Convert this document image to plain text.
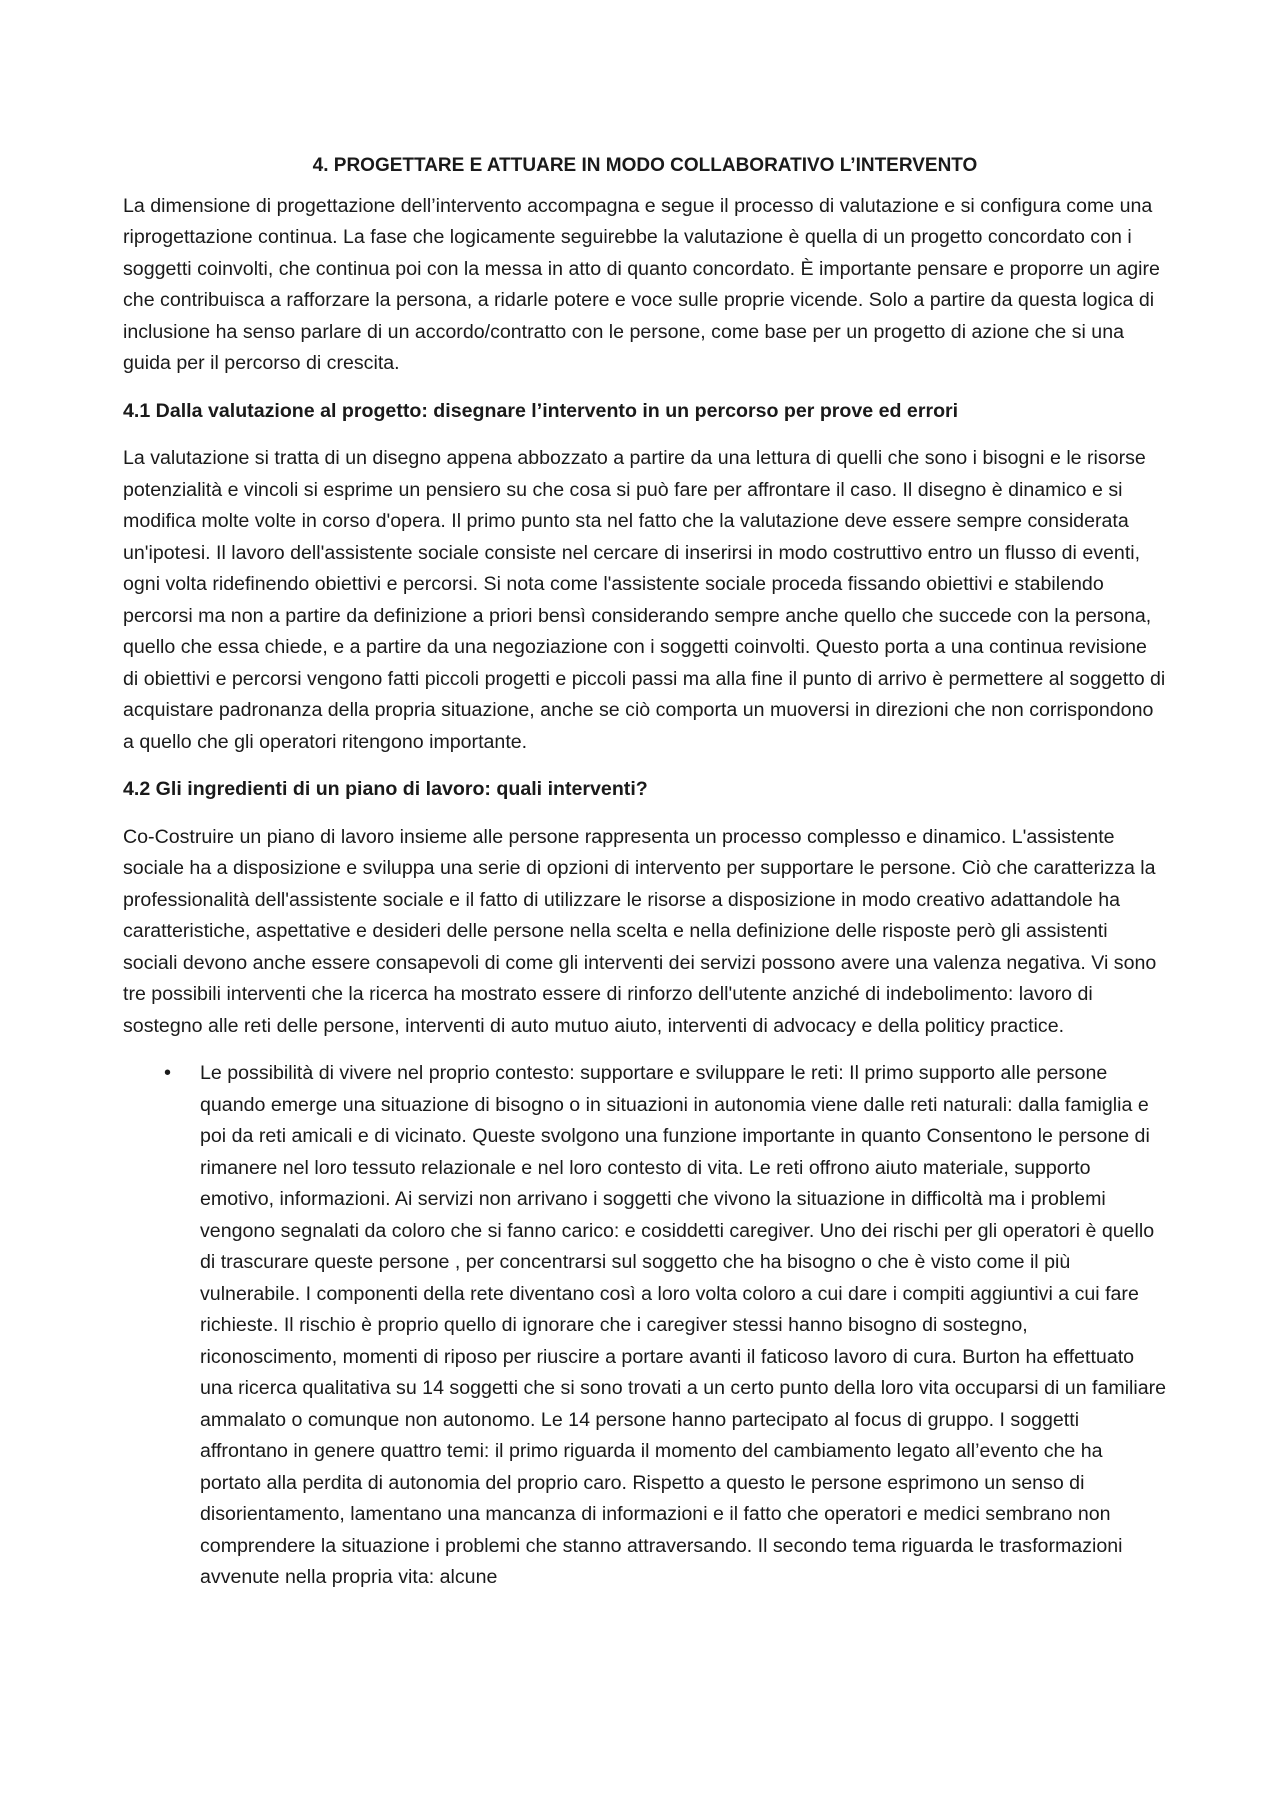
4. PROGETTARE E ATTUARE IN MODO COLLABORATIVO L’INTERVENTO

La dimensione di progettazione dell’intervento accompagna e segue il processo di valutazione e si configura come una riprogettazione continua. La fase che logicamente seguirebbe la valutazione è quella di un progetto concordato con i soggetti coinvolti, che continua poi con la messa in atto di quanto concordato. È importante pensare e proporre un agire che contribuisca a rafforzare la persona, a ridarle potere e voce sulle proprie vicende. Solo a partire da questa logica di inclusione ha senso parlare di un accordo/contratto con le persone, come base per un progetto di azione che si una guida per il percorso di crescita.

4.1 Dalla valutazione al progetto: disegnare l’intervento in un percorso per prove ed errori

La valutazione si tratta di un disegno appena abbozzato a partire da una lettura di quelli che sono i bisogni e le risorse potenzialità e vincoli si esprime un pensiero su che cosa si può fare per affrontare il caso. Il disegno è dinamico e si modifica molte volte in corso d'opera. Il primo punto sta nel fatto che la valutazione deve essere sempre considerata un'ipotesi. Il lavoro dell'assistente sociale consiste nel cercare di inserirsi in modo costruttivo entro un flusso di eventi, ogni volta ridefinendo obiettivi e percorsi. Si nota come l'assistente sociale proceda fissando obiettivi e stabilendo percorsi ma non a partire da definizione a priori bensì considerando sempre anche quello che succede con la persona, quello che essa chiede, e a partire da una negoziazione con i soggetti coinvolti. Questo porta a una continua revisione di obiettivi e percorsi vengono fatti piccoli progetti e piccoli passi ma alla fine il punto di arrivo è permettere al soggetto di acquistare padronanza della propria situazione, anche se ciò comporta un muoversi in direzioni che non corrispondono a quello che gli operatori ritengono importante.

4.2 Gli ingredienti di un piano di lavoro: quali interventi?

Co-Costruire un piano di lavoro insieme alle persone rappresenta un processo complesso e dinamico. L'assistente sociale ha a disposizione e sviluppa una serie di opzioni di intervento per supportare le persone. Ciò che caratterizza la professionalità dell'assistente sociale e il fatto di utilizzare le risorse a disposizione in modo creativo adattandole ha caratteristiche, aspettative e desideri delle persone nella scelta e nella definizione delle risposte però gli assistenti sociali devono anche essere consapevoli di come gli interventi dei servizi possono avere una valenza negativa. Vi sono tre possibili interventi che la ricerca ha mostrato essere di rinforzo dell'utente anziché di indebolimento: lavoro di sostegno alle reti delle persone, interventi di auto mutuo aiuto, interventi di advocacy e della politicy practice.

• Le possibilità di vivere nel proprio contesto: supportare e sviluppare le reti: Il primo supporto alle persone quando emerge una situazione di bisogno o in situazioni in autonomia viene dalle reti naturali: dalla famiglia e poi da reti amicali e di vicinato. Queste svolgono una funzione importante in quanto Consentono le persone di rimanere nel loro tessuto relazionale e nel loro contesto di vita. Le reti offrono aiuto materiale, supporto emotivo, informazioni. Ai servizi non arrivano i soggetti che vivono la situazione in difficoltà ma i problemi vengono segnalati da coloro che si fanno carico: e cosiddetti caregiver. Uno dei rischi per gli operatori è quello di trascurare queste persone , per concentrarsi sul soggetto che ha bisogno o che è visto come il più vulnerabile. I componenti della rete diventano così a loro volta coloro a cui dare i compiti aggiuntivi a cui fare richieste. Il rischio è proprio quello di ignorare che i caregiver stessi hanno bisogno di sostegno, riconoscimento, momenti di riposo per riuscire a portare avanti il faticoso lavoro di cura. Burton ha effettuato una ricerca qualitativa su 14 soggetti che si sono trovati a un certo punto della loro vita occuparsi di un familiare ammalato o comunque non autonomo. Le 14 persone hanno partecipato al focus di gruppo. I soggetti affrontano in genere quattro temi: il primo riguarda il momento del cambiamento legato all’evento che ha portato alla perdita di autonomia del proprio caro. Rispetto a questo le persone esprimono un senso di disorientamento, lamentano una mancanza di informazioni e il fatto che operatori e medici sembrano non comprendere la situazione i problemi che stanno attraversando. Il secondo tema riguarda le trasformazioni avvenute nella propria vita: alcune
